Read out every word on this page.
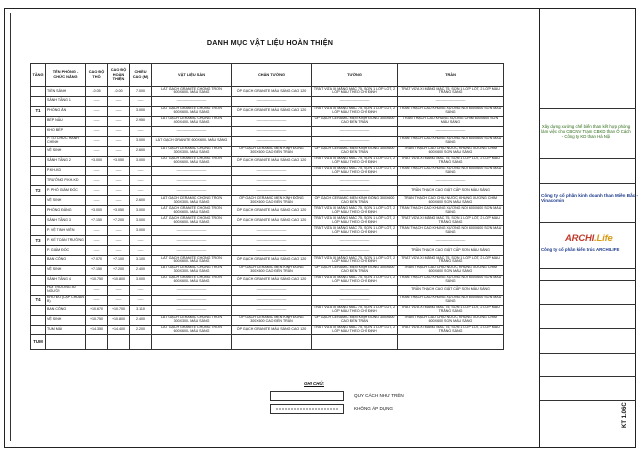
DANH MỤC VẬT LIỆU HOÀN THIỆN
TẦNG	TÊN PHÒNG - CHỨC NĂNG	CAO ĐỘ THÔ	CAO ĐỘ HOÀN THIỆN	CHIỀU CAO (M)	VẬT LIỆU SÀN	CHÂN TƯỜNG	TƯỜNG	TRẦN
	TIỀN SẢNH	-0.05	-0.00	7.000	LÁT GẠCH GRANITE CHỐNG TRƠN 600X600- MÀU SÁNG	ỐP GẠCH GRANITE MÀU SÁNG CAO 120	TRÁT VỮA XI MĂNG MÁC 75, SƠN 1 LỚP LÓT, 2 LỚP MÀU THEO CHỈ ĐỊNH	TRÁT VỮA XI MĂNG MÁC 75, SƠN 1 LỚP LÓT, 2 LỚP MÀU TRẮNG SÁNG
	SẢNH TẦNG 1	-----	-----	-----	-------------------------	-------------------------	-------------------------	-------------------------
T1	PHÒNG ĂN	-----	-----	3.000	LÁT GẠCH GRANITE CHỐNG TRƠN 600X600- MÀU SÁNG	ỐP GẠCH GRANITE MÀU SÁNG CAO 120	TRÁT VỮA XI MĂNG MÁC 75, SƠN 1 LỚP LÓT, 2 LỚP MÀU THEO CHỈ ĐỊNH	TRẦN THẠCH CAO KHUNG XƯƠNG NỔI 600X600 SƠN MÀU SÁNG
	BẾP NẤU	-----	-----	2.950	LÁT GẠCH CERAMIC CHỐNG TRƠN 400X400- MÀU SÁNG	-------------------------	ỐP GẠCH CERAMIC MEN KÍNH ĐÔNG 300X600 CAO ĐẾN TRẦN	TRẦN THẠCH CAO KHUNG XƯƠNG CHÌM 600X600 SƠN MÀU SÁNG
	KHO BẾP	-----	-----	-----	-------------------------	-------------------------	-------------------------	-------------------------
	P. TỔ CHỨC HÀNH CHÍNH	-----	-----	3.000	LÁT GẠCH GRANITE 600X600- MÀU SÁNG	-------------------------	-------------------------	TRẦN THẠCH CAO KHUNG XƯƠNG NỔI 600X600 SƠN MÀU SÁNG
	VỆ SINH	-----	-----	2.600	LÁT GẠCH CERAMIC CHỐNG TRƠN 300X300- MÀU SÁNG	ỐP GẠCH CERAMIC MEN KÍNH ĐÔNG 300X600 CAO ĐẾN TRẦN	ỐP GẠCH CERAMIC MEN KÍNH ĐÔNG 300X600 CAO ĐẾN TRẦN	TRẦN THẠCH CAO CHỊU NƯỚC KHUNG XƯƠNG CHÌM 600X600 SƠN MÀU SÁNG
	SẢNH TẦNG 2	+3.000	+3.050	3.000	LÁT GẠCH GRANITE CHỐNG TRƠN 600X600- MÀU SÁNG	ỐP GẠCH GRANITE MÀU SÁNG CAO 120	TRÁT VỮA XI MĂNG MÁC 75, SƠN 1 LỚP LÓT, 2 LỚP MÀU THEO CHỈ ĐỊNH	TRÁT VỮA XI MĂNG MÁC 75, SƠN 1 LỚP LÓT, 2 LỚP MÀU TRẮNG SÁNG
	P.KH-KD	-----	-----	-----	-------------------------	-------------------------	TRÁT VỮA XI MĂNG MÁC 75, SƠN 1 LỚP LÓT, 2 LỚP MÀU THEO CHỈ ĐỊNH	TRẦN THẠCH CAO KHUNG XƯƠNG NỔI 600X600 SƠN MÀU SÁNG
	TRƯỞNG P.KH-KD	-----	-----	-----	-------------------------	-------------------------	-------------------------	-------------------------
T2	P. PHÓ GIÁM ĐỐC	-----	-----	-----	-------------------------	-------------------------	-------------------------	TRẦN THẠCH CAO GIẬT CẤP SƠN MÀU SÁNG
	VỆ SINH	-----	-----	2.600	LÁT GẠCH CERAMIC CHỐNG TRƠN 300X300- MÀU SÁNG	ỐP GẠCH CERAMIC MEN KÍNH ĐÔNG 300X600 CAO ĐẾN TRẦN	ỐP GẠCH CERAMIC MEN KÍNH ĐÔNG 300X600 CAO ĐẾN TRẦN	TRẦN THẠCH CAO CHỊU NƯỚC KHUNG XƯƠNG CHÌM 600X600 SƠN MÀU SÁNG
	PHÒNG ĐẢNG	+3.000	+3.050	3.000	LÁT GẠCH GRANITE CHỐNG TRƠN 600X600- MÀU SÁNG	ỐP GẠCH GRANITE MÀU SÁNG CAO 120	TRÁT VỮA XI MĂNG MÁC 75, SƠN 1 LỚP LÓT, 2 LỚP MÀU THEO CHỈ ĐỊNH	TRẦN THẠCH CAO KHUNG XƯƠNG NỔI 600X600 SƠN MÀU SÁNG
	SẢNH TẦNG 3	+7.150	+7.200	3.000	LÁT GẠCH GRANITE CHỐNG TRƠN 600X600- MÀU SÁNG	ỐP GẠCH GRANITE MÀU SÁNG CAO 120	TRÁT VỮA XI MĂNG MÁC 75, SƠN 1 LỚP LÓT, 2 LỚP MÀU THEO CHỈ ĐỊNH	TRÁT VỮA XI MĂNG MÁC 75, SƠN 1 LỚP LÓT, 2 LỚP MÀU TRẮNG SÁNG
	P. VỆ TINH VIÊN	-----	-----	3.000	-------------------------	-------------------------	TRÁT VỮA XI MĂNG MÁC 75, SƠN 1 LỚP LÓT, 2 LỚP MÀU THEO CHỈ ĐỊNH	TRẦN THẠCH CAO KHUNG XƯƠNG NỔI 600X600 SƠN MÀU SÁNG
T3	P. KẾ TOÁN TRƯỞNG	-----	-----	-----	-------------------------	-------------------------	-------------------------	-------------------------
	P. GIÁM ĐỐC	-----	-----	-----	-------------------------	-------------------------	-------------------------	TRẦN THẠCH CAO GIẬT CẤP SƠN MÀU SÁNG
	BAN CÔNG	+7.070	+7.100	3.100	LÁT GẠCH GRANITE CHỐNG TRƠN 600X600- MÀU SÁNG	ỐP GẠCH GRANITE MÀU SÁNG CAO 120	TRÁT VỮA XI MĂNG MÁC 75, SƠN 1 LỚP LÓT, 2 LỚP MÀU THEO CHỈ ĐỊNH	TRÁT VỮA XI MĂNG MÁC 75, SƠN 1 LỚP LÓT, 2 LỚP MÀU TRẮNG SÁNG
	VỆ SINH	+7.150	+7.200	2.400	LÁT GẠCH CERAMIC CHỐNG TRƠN 300X300- MÀU SÁNG	ỐP GẠCH CERAMIC MEN KÍNH ĐÔNG 300X600 CAO ĐẾN TRẦN	ỐP GẠCH CERAMIC MEN KÍNH ĐÔNG 300X600 CAO ĐẾN TRẦN	TRẦN THẠCH CAO CHỊU NƯỚC KHUNG XƯƠNG CHÌM 600X600 SƠN MÀU SÁNG
	SẢNH TẦNG 4	+10.750	+10.800	3.000	LÁT GẠCH GRANITE CHỐNG TRƠN 600X600- MÀU SÁNG	ỐP GẠCH GRANITE MÀU SÁNG CAO 120	TRÁT VỮA XI MĂNG MÁC 75, SƠN 1 LỚP LÓT, 2 LỚP MÀU THEO CHỈ ĐỊNH	TRẦN THẠCH CAO KHUNG XƯƠNG NỔI 600X600 SƠN MÀU SÁNG
	HỘI TRƯỜNG 40 NGƯỜI	-----	-----	-----	-------------------------	-------------------------	-------------------------	TRẦN THẠCH CAO GIẬT CẤP SƠN MÀU SÁNG
T4	KHO ĐỒ (LẠP CHUẨN B)	-----	-----	-----	-------------------------	-------------------------	-------------------------	TRẦN THẠCH CAO KHUNG XƯƠNG NỔI 600X600 SƠN MÀU SÁNG
	BAN CÔNG	+10.670	+10.700	3.110	-------------------------	-------------------------	TRÁT VỮA XI MĂNG MÁC 75, SƠN 1 LỚP LÓT, 2 LỚP MÀU THEO CHỈ ĐỊNH	TRÁT VỮA XI MĂNG MÁC 75, SƠN 1 LỚP LÓT, 2 LỚP MÀU TRẮNG SÁNG
	VỆ SINH	+10.750	+10.800	2.400	LÁT GẠCH CERAMIC CHỐNG TRƠN 300X300- MÀU SÁNG	ỐP GẠCH CERAMIC MEN KÍNH ĐÔNG 300X600 CAO ĐẾN TRẦN	ỐP GẠCH CERAMIC MEN KÍNH ĐÔNG 300X600 CAO ĐẾN TRẦN	TRẦN THẠCH CAO CHỊU NƯỚC KHUNG XƯƠNG CHÌM 600X600 SƠN MÀU SÁNG
	TUM MÁI	+14.350	+14.400	2.200	LÁT GẠCH GRANITE CHỐNG TRƠN 600X600- MÀU SÁNG	ỐP GẠCH GRANITE MÀU SÁNG CAO 120	TRÁT VỮA XI MĂNG MÁC 75, SƠN 1 LỚP LÓT, 2 LỚP MÀU THEO CHỈ ĐỊNH	TRÁT VỮA XI MĂNG MÁC 75, SƠN 1 LỚP LÓT, 2 LỚP MÀU TRẮNG SÁNG
TUM								
GHI CHÚ:
QUY CÁCH NHƯ TRÊN
KHÔNG ÁP DỤNG
Xây dựng xưởng chế biến than kết hợp phòng làm việc cho CBCNV Trạm CBKD than Ô Cách - Công ty KD than Hà Nội
Công ty cổ phần kinh doanh than Miền Bắc - Vinacomin
ARCHI.Life
Công ty cổ phần kiến trúc ARCHILIFE
KT 1.06C
